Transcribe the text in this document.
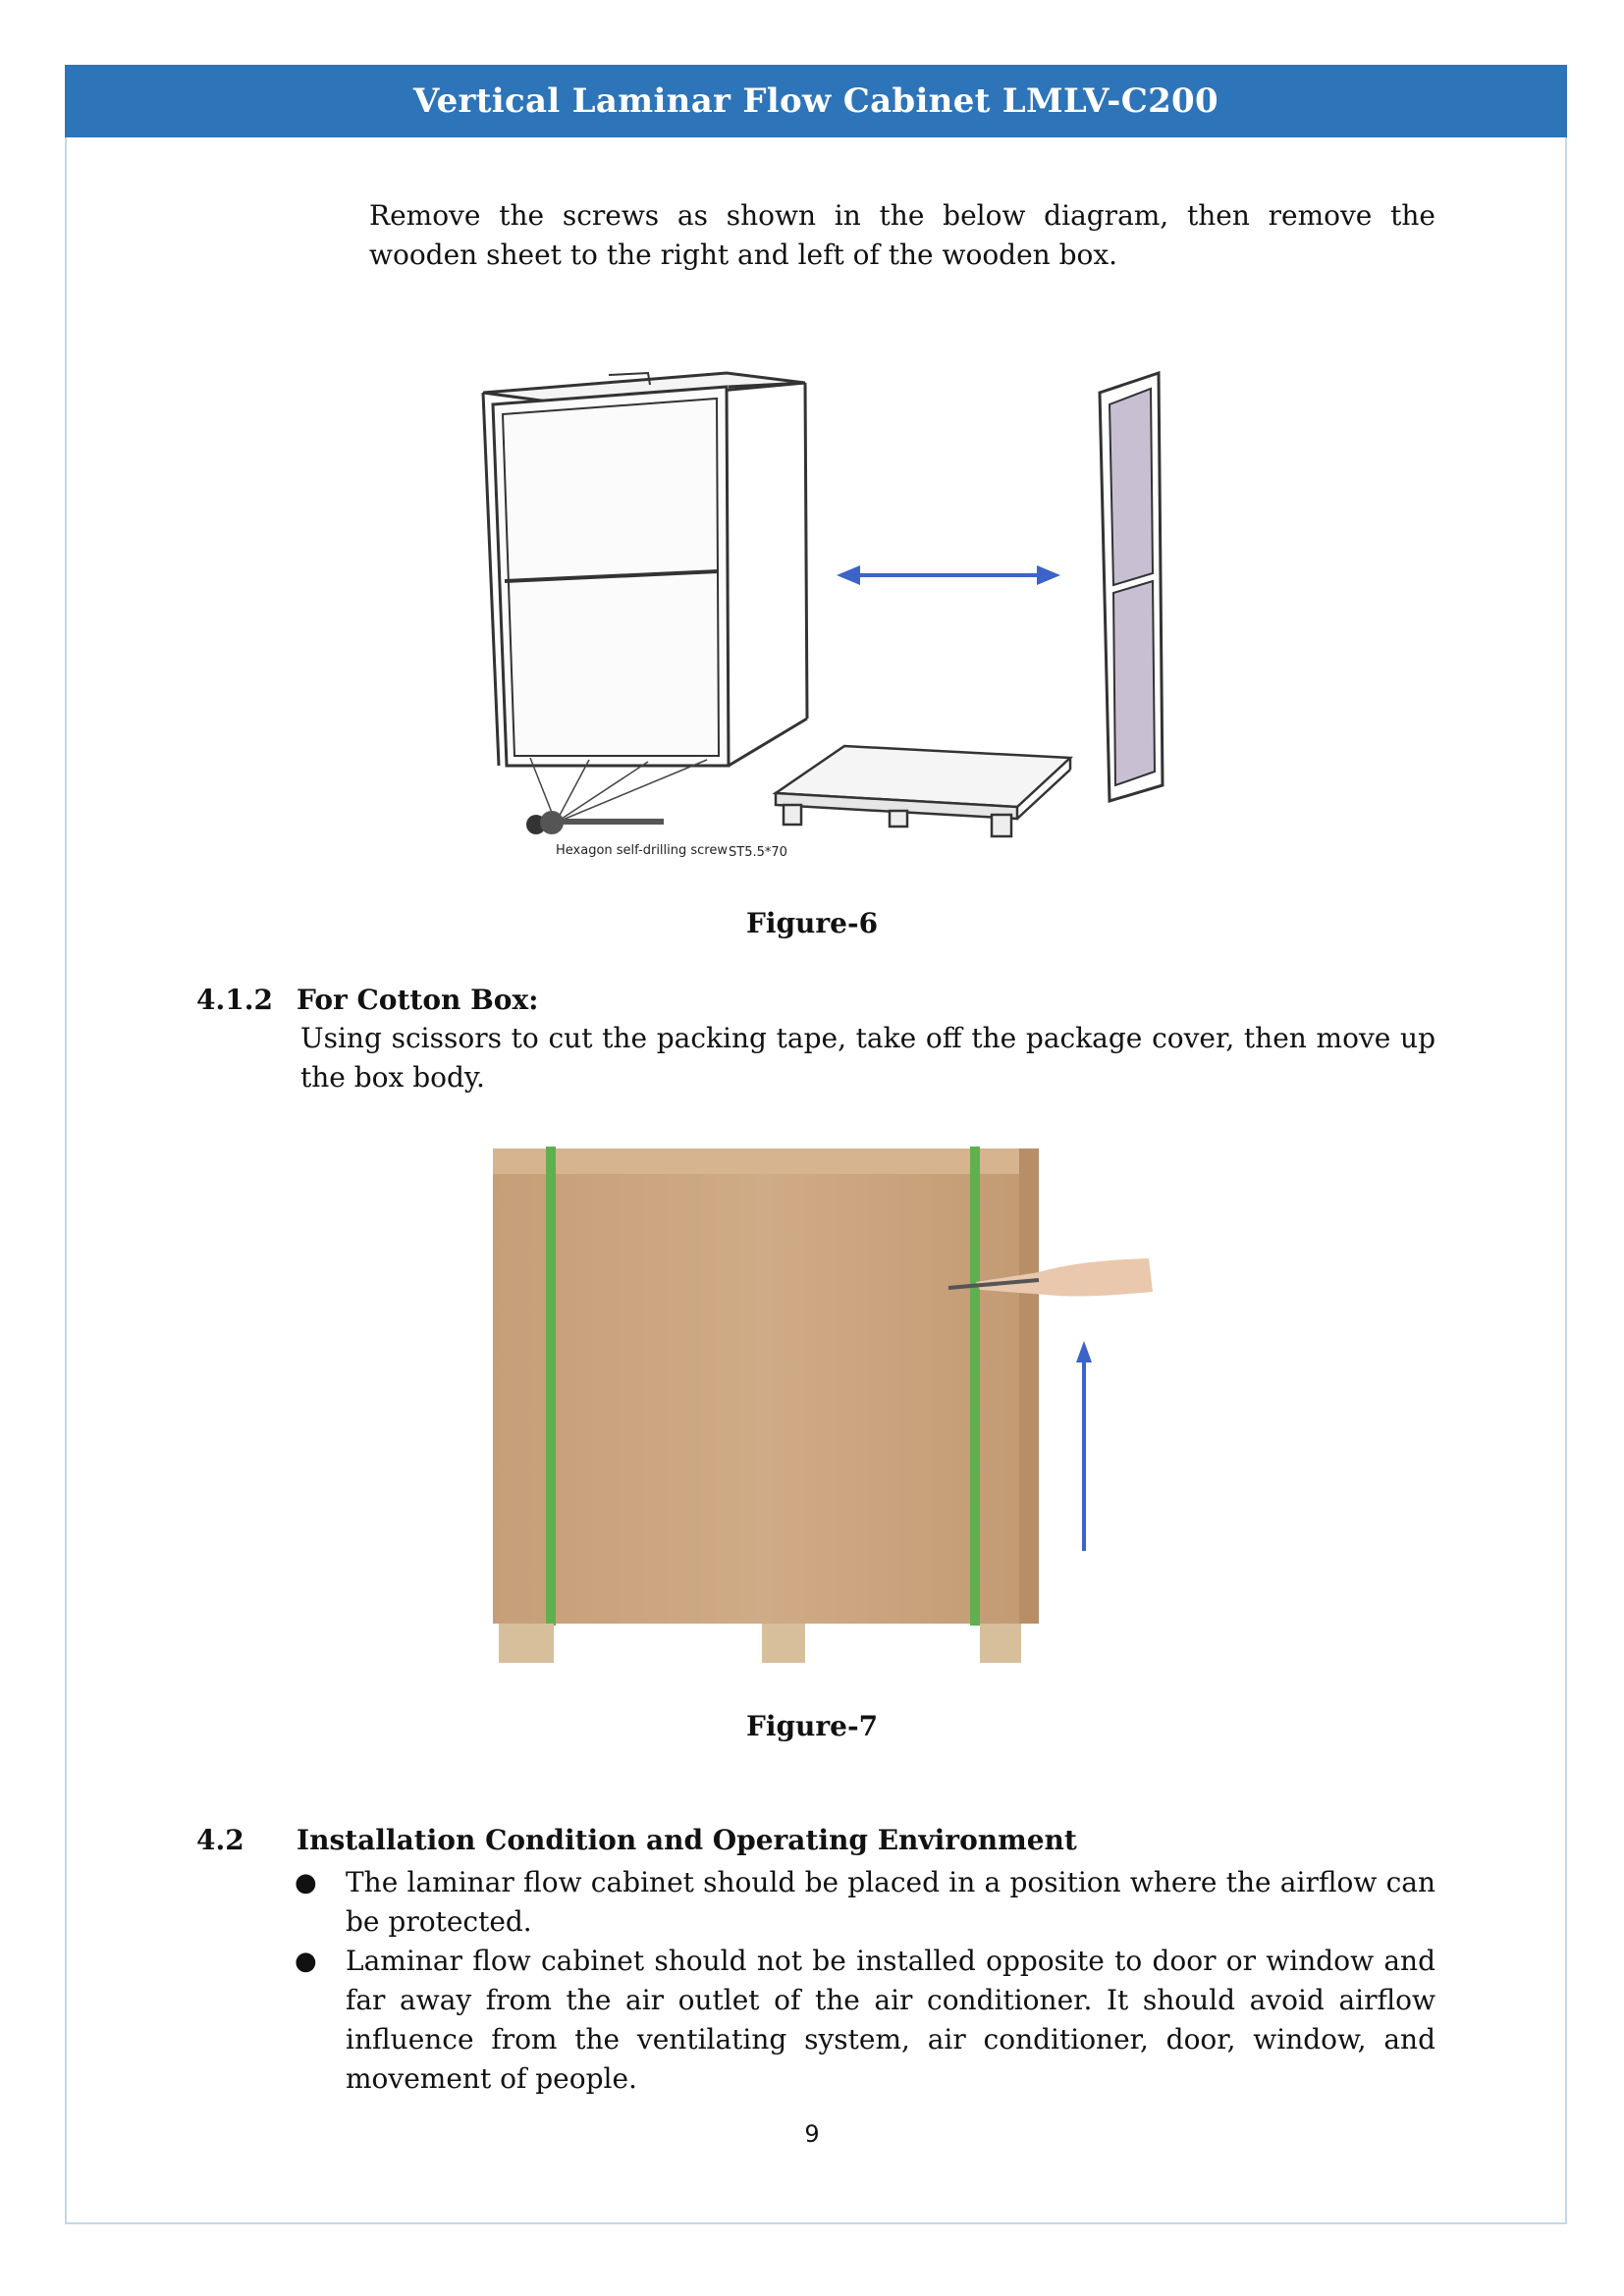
Vertical Laminar Flow Cabinet LMLV-C200
Remove the screws as shown in the below diagram, then remove the wooden sheet to the right and left of the wooden box.
Hexagon self-drilling screw ST5.5*70
Figure-6
4.1.2 For Cotton Box:
Using scissors to cut the packing tape, take off the package cover, then move up the box body.
Figure-7
4.2 Installation Condition and Operating Environment
●	The laminar flow cabinet should be placed in a position where the airflow can be protected.
●	Laminar flow cabinet should not be installed opposite to door or window and far away from the air outlet of the air conditioner. It should avoid airflow influence from the ventilating system, air conditioner, door, window, and movement of people.
9
